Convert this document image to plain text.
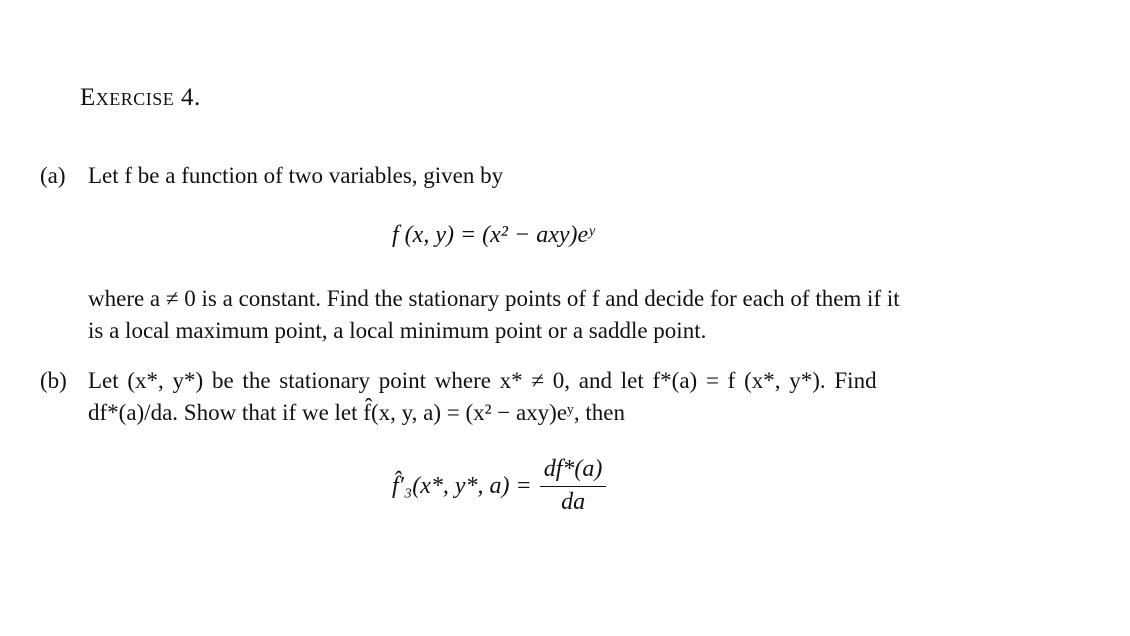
Exercise 4.
(a) Let f be a function of two variables, given by
f (x, y) = (x² − axy)eʸ
where a ≠ 0 is a constant. Find the stationary points of f and decide for each of them if it
is a local maximum point, a local minimum point or a saddle point.
(b) Let (x*, y*) be the stationary point where x* ≠ 0, and let f*(a) = f (x*, y*). Find
df*(a)/da. Show that if we let f̂(x, y, a) = (x² − axy)eʸ, then
f̂′₃(x*, y*, $a) = \frac{df*(a)}{da}$
